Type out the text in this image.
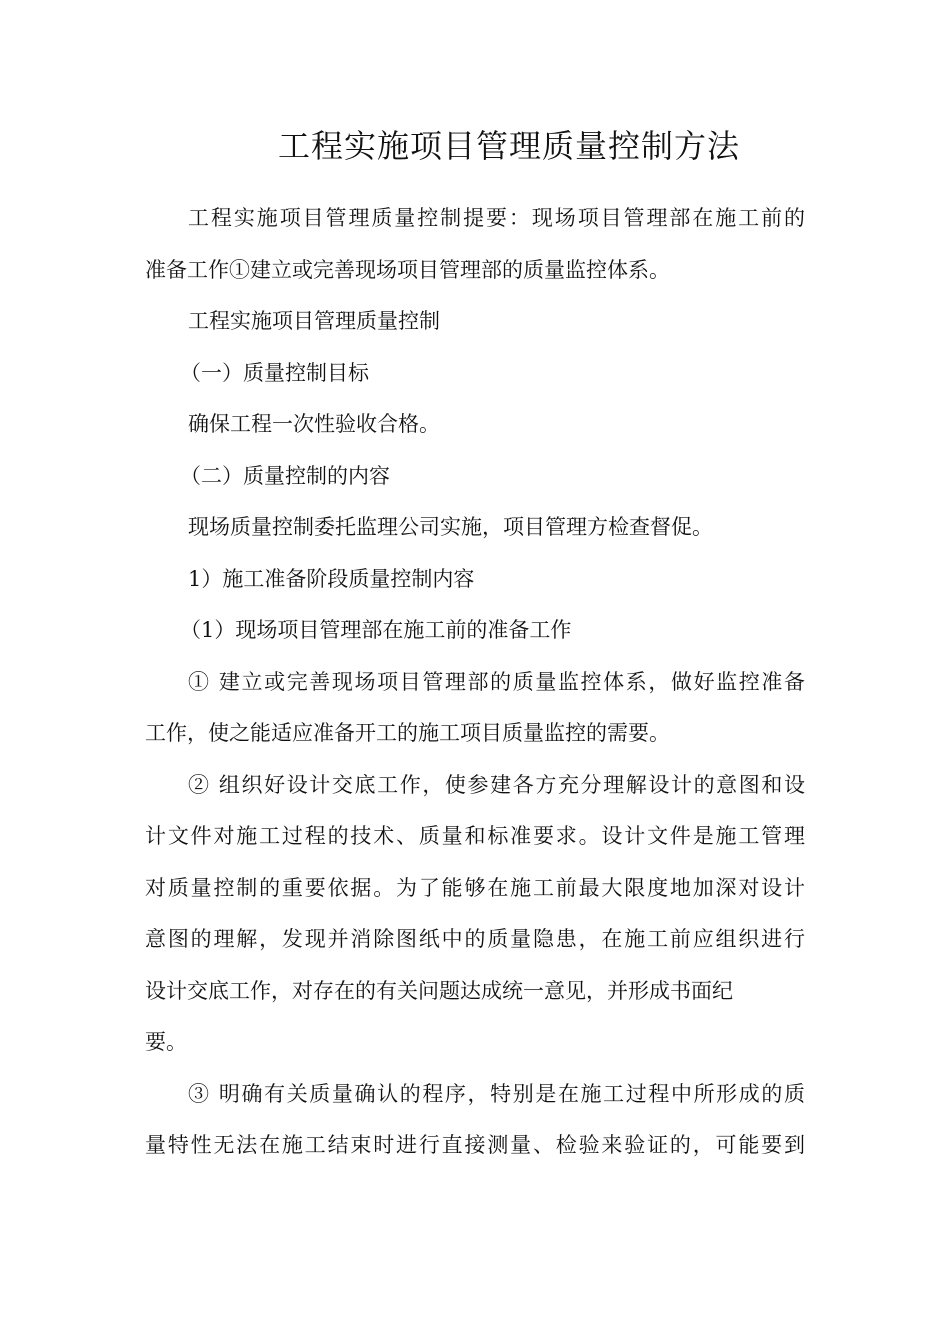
工程实施项目管理质量控制方法
工程实施项目管理质量控制提要：现场项目管理部在施工前的
准备工作①建立或完善现场项目管理部的质量监控体系。
工程实施项目管理质量控制
（一）质量控制目标
确保工程一次性验收合格。
（二）质量控制的内容
现场质量控制委托监理公司实施，项目管理方检查督促。
1）施工准备阶段质量控制内容
（1）现场项目管理部在施工前的准备工作
① 建立或完善现场项目管理部的质量监控体系，做好监控准备
工作，使之能适应准备开工的施工项目质量监控的需要。
② 组织好设计交底工作，使参建各方充分理解设计的意图和设
计文件对施工过程的技术、质量和标准要求。设计文件是施工管理
对质量控制的重要依据。为了能够在施工前最大限度地加深对设计
意图的理解，发现并消除图纸中的质量隐患，在施工前应组织进行
设计交底工作，对存在的有关问题达成统一意见，并形成书面纪
要。
③ 明确有关质量确认的程序，特别是在施工过程中所形成的质
量特性无法在施工结束时进行直接测量、检验来验证的，可能要到
